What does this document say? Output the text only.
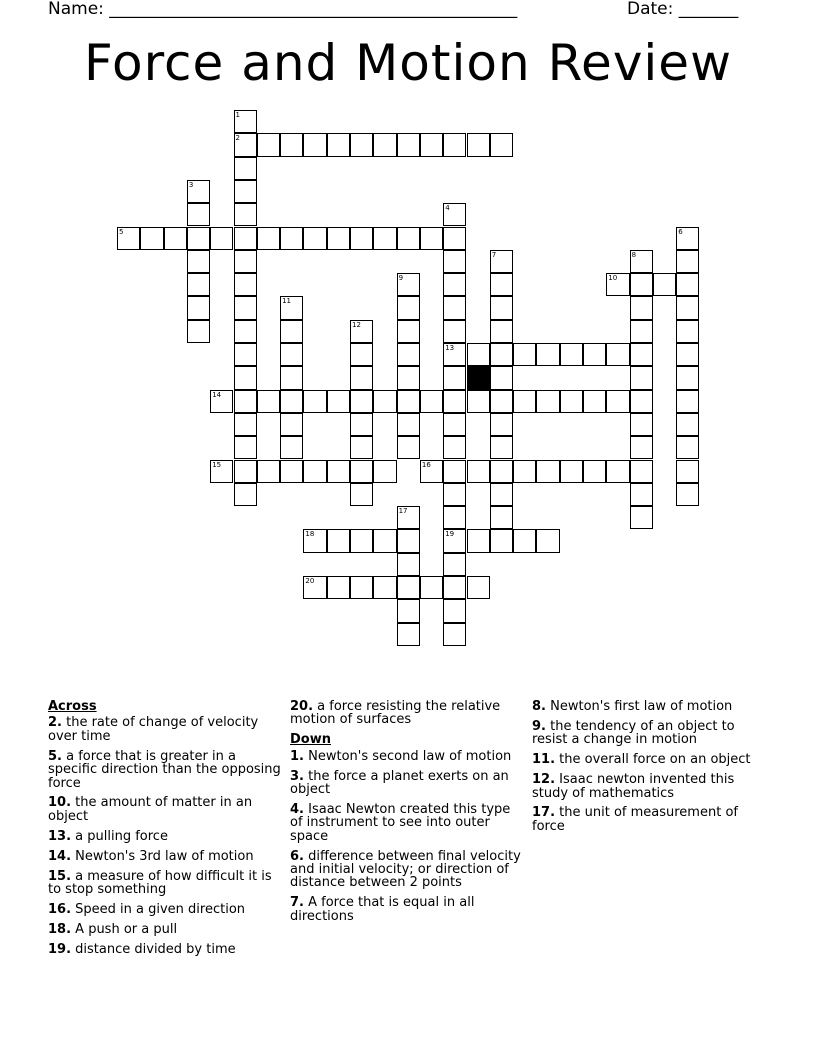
Name: ________________________________________________	Date: _______
Force and Motion Review
1
2
3
4
13
19
5	6
7	8
9	10
11
12
14
15	16
17
18
20
Across
2. the rate of change of velocity over time
5. a force that is greater in a specific direction than the opposing force
10. the amount of matter in an object
13. a pulling force
14. Newton's 3rd law of motion
15. a measure of how difficult it is to stop something
16. Speed in a given direction
18. A push or a pull
19. distance divided by time
20. a force resisting the relative motion of surfaces
Down
1. Newton's second law of motion
3. the force a planet exerts on an object
4. Isaac Newton created this type of instrument to see into outer space
6. difference between final velocity and initial velocity; or direction of distance between 2 points
7. A force that is equal in all directions
8. Newton's first law of motion
9. the tendency of an object to resist a change in motion
11. the overall force on an object
12. Isaac newton invented this study of mathematics
17. the unit of measurement of force
